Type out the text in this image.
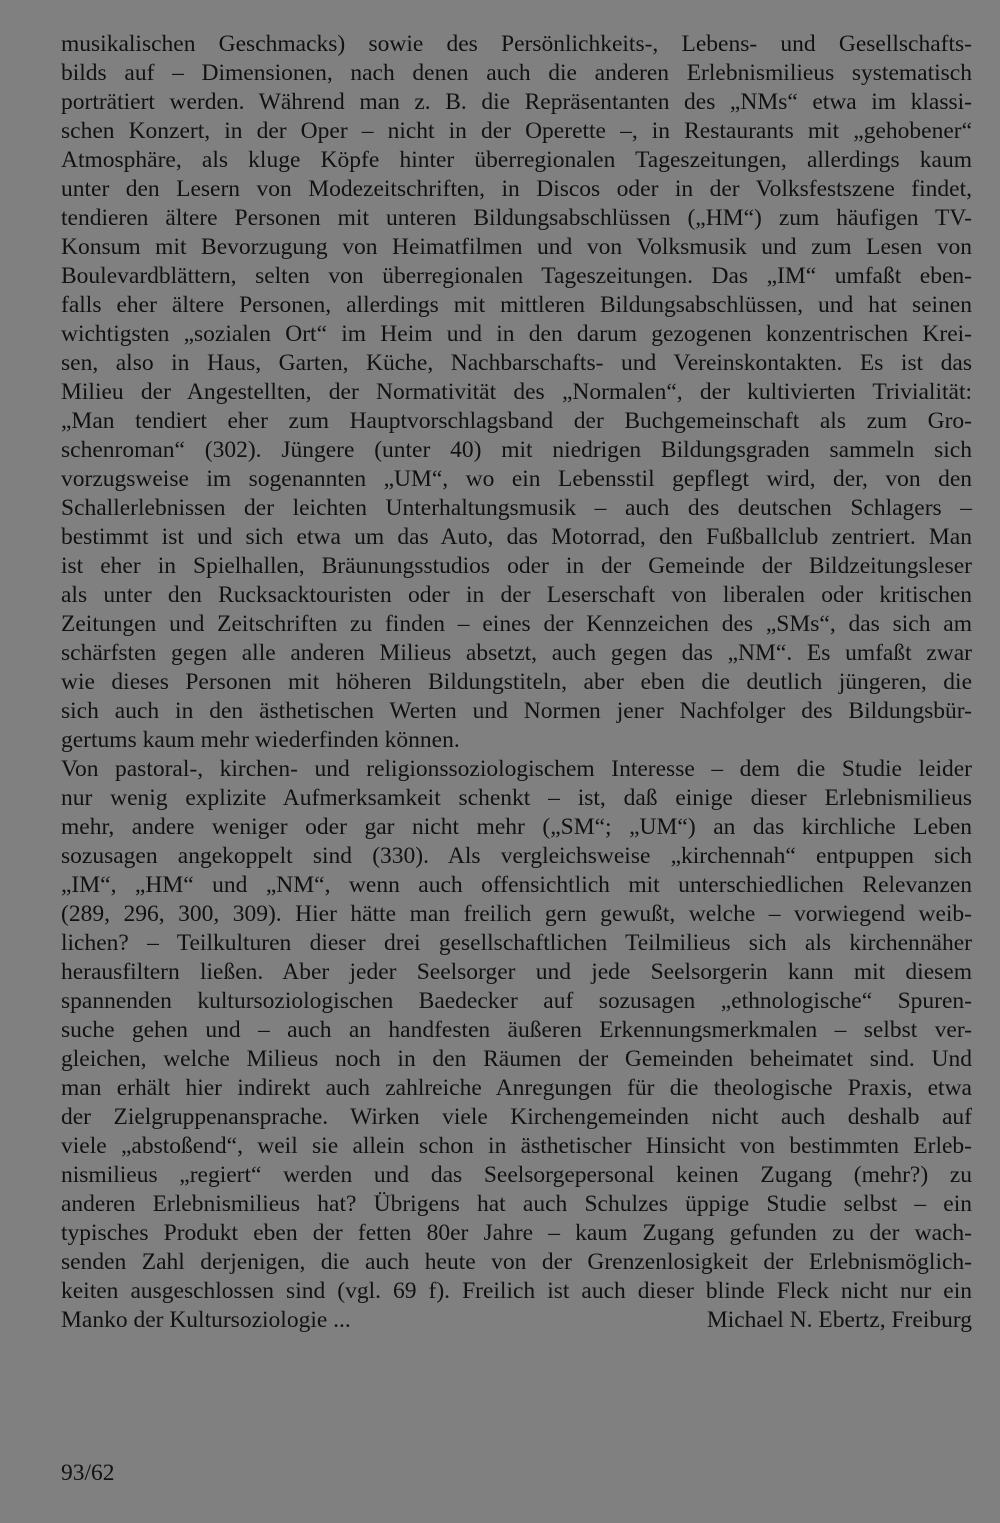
musikalischen Geschmacks) sowie des Persönlichkeits-, Lebens- und Gesellschafts-
bilds auf – Dimensionen, nach denen auch die anderen Erlebnismilieus systematisch
porträtiert werden. Während man z. B. die Repräsentanten des „NMs“ etwa im klassi-
schen Konzert, in der Oper – nicht in der Operette –, in Restaurants mit „gehobener“
Atmosphäre, als kluge Köpfe hinter überregionalen Tageszeitungen, allerdings kaum
unter den Lesern von Modezeitschriften, in Discos oder in der Volksfestszene findet,
tendieren ältere Personen mit unteren Bildungsabschlüssen („HM“) zum häufigen TV-
Konsum mit Bevorzugung von Heimatfilmen und von Volksmusik und zum Lesen von
Boulevardblättern, selten von überregionalen Tageszeitungen. Das „IM“ umfaßt eben-
falls eher ältere Personen, allerdings mit mittleren Bildungsabschlüssen, und hat seinen
wichtigsten „sozialen Ort“ im Heim und in den darum gezogenen konzentrischen Krei-
sen, also in Haus, Garten, Küche, Nachbarschafts- und Vereinskontakten. Es ist das
Milieu der Angestellten, der Normativität des „Normalen“, der kultivierten Trivialität:
„Man tendiert eher zum Hauptvorschlagsband der Buchgemeinschaft als zum Gro-
schenroman“ (302). Jüngere (unter 40) mit niedrigen Bildungsgraden sammeln sich
vorzugsweise im sogenannten „UM“, wo ein Lebensstil gepflegt wird, der, von den
Schallerlebnissen der leichten Unterhaltungsmusik – auch des deutschen Schlagers –
bestimmt ist und sich etwa um das Auto, das Motorrad, den Fußballclub zentriert. Man
ist eher in Spielhallen, Bräunungsstudios oder in der Gemeinde der Bildzeitungsleser
als unter den Rucksacktouristen oder in der Leserschaft von liberalen oder kritischen
Zeitungen und Zeitschriften zu finden – eines der Kennzeichen des „SMs“, das sich am
schärfsten gegen alle anderen Milieus absetzt, auch gegen das „NM“. Es umfaßt zwar
wie dieses Personen mit höheren Bildungstiteln, aber eben die deutlich jüngeren, die
sich auch in den ästhetischen Werten und Normen jener Nachfolger des Bildungsbür-
gertums kaum mehr wiederfinden können.
Von pastoral-, kirchen- und religionssoziologischem Interesse – dem die Studie leider
nur wenig explizite Aufmerksamkeit schenkt – ist, daß einige dieser Erlebnismilieus
mehr, andere weniger oder gar nicht mehr („SM“; „UM“) an das kirchliche Leben
sozusagen angekoppelt sind (330). Als vergleichsweise „kirchennah“ entpuppen sich
„IM“, „HM“ und „NM“, wenn auch offensichtlich mit unterschiedlichen Relevanzen
(289, 296, 300, 309). Hier hätte man freilich gern gewußt, welche – vorwiegend weib-
lichen? – Teilkulturen dieser drei gesellschaftlichen Teilmilieus sich als kirchennäher
herausfiltern ließen. Aber jeder Seelsorger und jede Seelsorgerin kann mit diesem
spannenden kultursoziologischen Baedecker auf sozusagen „ethnologische“ Spuren-
suche gehen und – auch an handfesten äußeren Erkennungsmerkmalen – selbst ver-
gleichen, welche Milieus noch in den Räumen der Gemeinden beheimatet sind. Und
man erhält hier indirekt auch zahlreiche Anregungen für die theologische Praxis, etwa
der Zielgruppenansprache. Wirken viele Kirchengemeinden nicht auch deshalb auf
viele „abstoßend“, weil sie allein schon in ästhetischer Hinsicht von bestimmten Erleb-
nismilieus „regiert“ werden und das Seelsorgepersonal keinen Zugang (mehr?) zu
anderen Erlebnismilieus hat? Übrigens hat auch Schulzes üppige Studie selbst – ein
typisches Produkt eben der fetten 80er Jahre – kaum Zugang gefunden zu der wach-
senden Zahl derjenigen, die auch heute von der Grenzenlosigkeit der Erlebnismöglich-
keiten ausgeschlossen sind (vgl. 69 f). Freilich ist auch dieser blinde Fleck nicht nur ein
Manko der Kultursoziologie ...	Michael N. Ebertz, Freiburg
93/62
